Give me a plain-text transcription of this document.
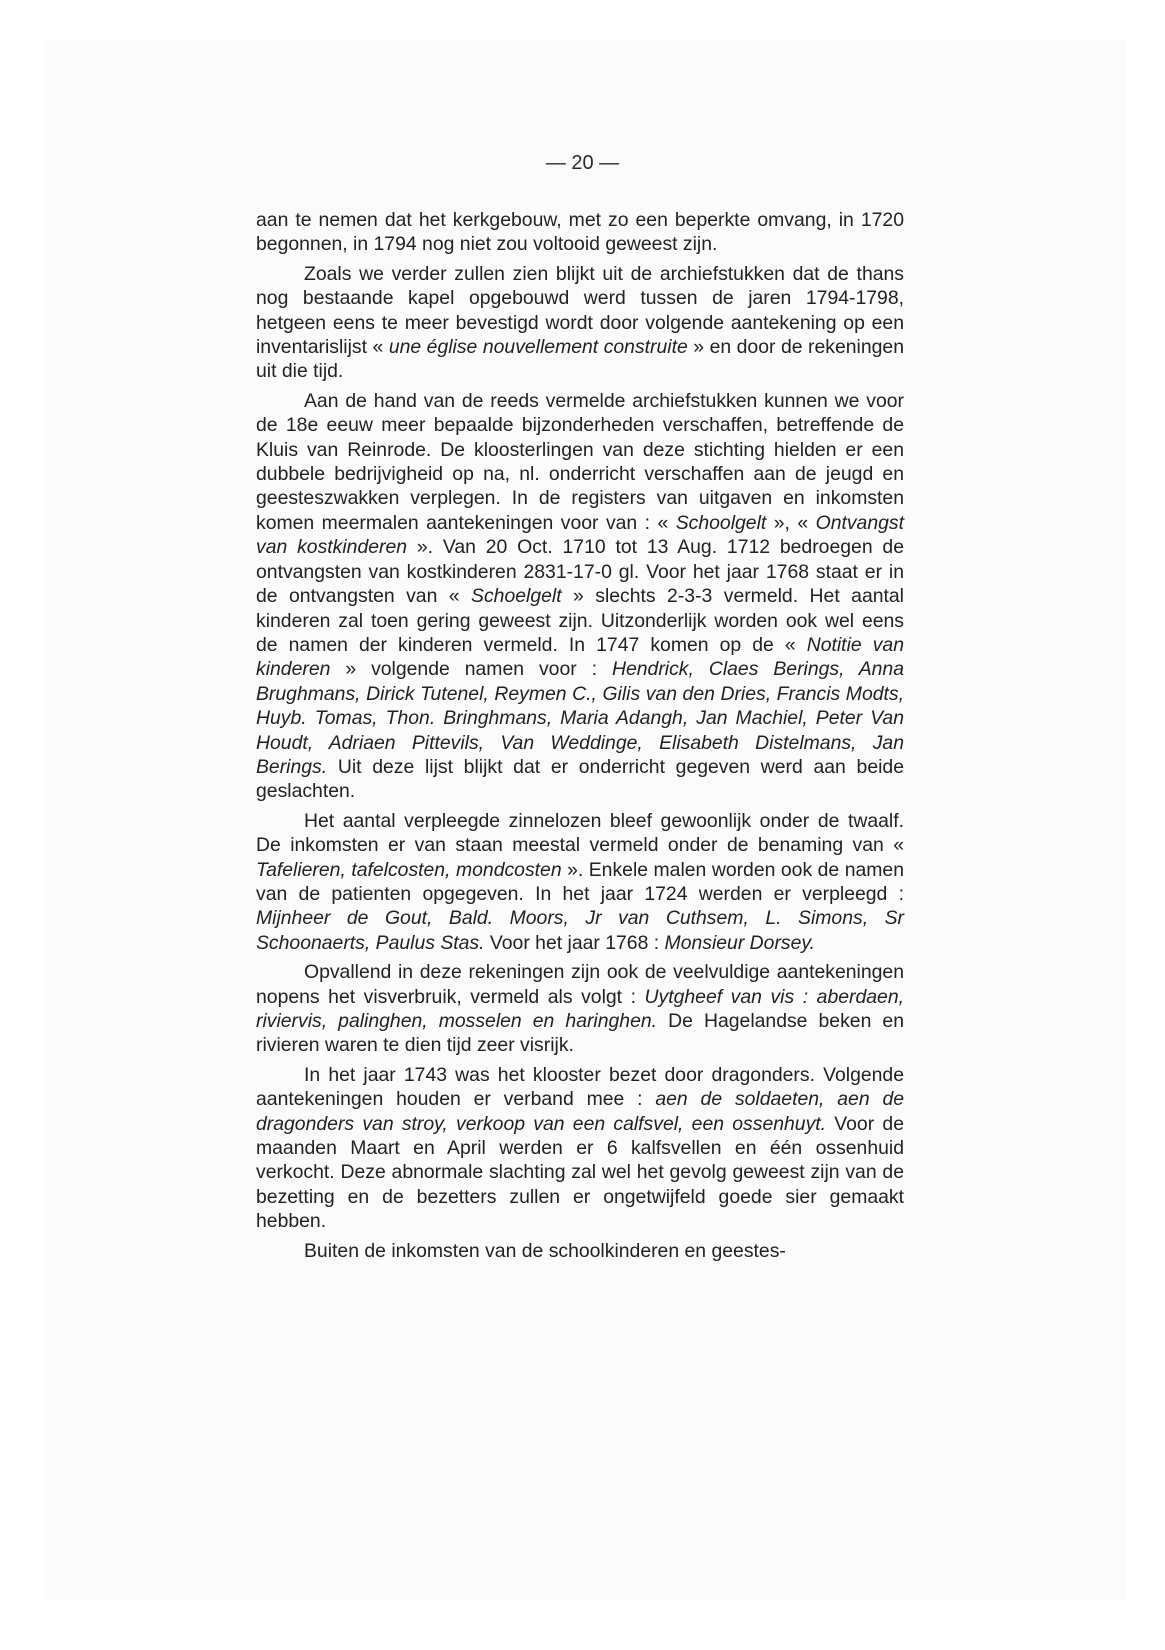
— 20 —

aan te nemen dat het kerkgebouw, met zo een beperkte omvang, in 1720 begonnen, in 1794 nog niet zou voltooid geweest zijn.

Zoals we verder zullen zien blijkt uit de archiefstukken dat de thans nog bestaande kapel opgebouwd werd tussen de jaren 1794-1798, hetgeen eens te meer bevestigd wordt door volgende aantekening op een inventarislijst « une église nouvellement construite » en door de rekeningen uit die tijd.

Aan de hand van de reeds vermelde archiefstukken kunnen we voor de 18e eeuw meer bepaalde bijzonderheden verschaffen, betreffende de Kluis van Reinrode. De kloosterlingen van deze stichting hielden er een dubbele bedrijvigheid op na, nl. onderricht verschaffen aan de jeugd en geesteszwakken verplegen. In de registers van uitgaven en inkomsten komen meermalen aantekeningen voor van : « Schoolgelt », « Ontvangst van kostkinderen ». Van 20 Oct. 1710 tot 13 Aug. 1712 bedroegen de ontvangsten van kostkinderen 2831-17-0 gl. Voor het jaar 1768 staat er in de ontvangsten van « Schoelgelt » slechts 2-3-3 vermeld. Het aantal kinderen zal toen gering geweest zijn. Uitzonderlijk worden ook wel eens de namen der kinderen vermeld. In 1747 komen op de « Notitie van kinderen » volgende namen voor : Hendrick, Claes Berings, Anna Brughmans, Dirick Tutenel, Reymen C., Gilis van den Dries, Francis Modts, Huyb. Tomas, Thon. Bringhmans, Maria Adangh, Jan Machiel, Peter Van Houdt, Adriaen Pittevils, Van Weddinge, Elisabeth Distelmans, Jan Berings. Uit deze lijst blijkt dat er onderricht gegeven werd aan beide geslachten.

Het aantal verpleegde zinnelozen bleef gewoonlijk onder de twaalf. De inkomsten er van staan meestal vermeld onder de benaming van « Tafelieren, tafelcosten, mondcosten ». Enkele malen worden ook de namen van de patienten opgegeven. In het jaar 1724 werden er verpleegd : Mijnheer de Gout, Bald. Moors, Jr van Cuthsem, L. Simons, Sr Schoonaerts, Paulus Stas. Voor het jaar 1768 : Monsieur Dorsey.

Opvallend in deze rekeningen zijn ook de veelvuldige aantekeningen nopens het visverbruik, vermeld als volgt : Uytgheef van vis : aberdaen, riviervis, palinghen, mosselen en haringhen. De Hagelandse beken en rivieren waren te dien tijd zeer visrijk.

In het jaar 1743 was het klooster bezet door dragonders. Volgende aantekeningen houden er verband mee : aen de soldaeten, aen de dragonders van stroy, verkoop van een calfsvel, een ossenhuyt. Voor de maanden Maart en April werden er 6 kalfsvellen en één ossenhuid verkocht. Deze abnormale slachting zal wel het gevolg geweest zijn van de bezetting en de bezetters zullen er ongetwijfeld goede sier gemaakt hebben.

Buiten de inkomsten van de schoolkinderen en geestes-
